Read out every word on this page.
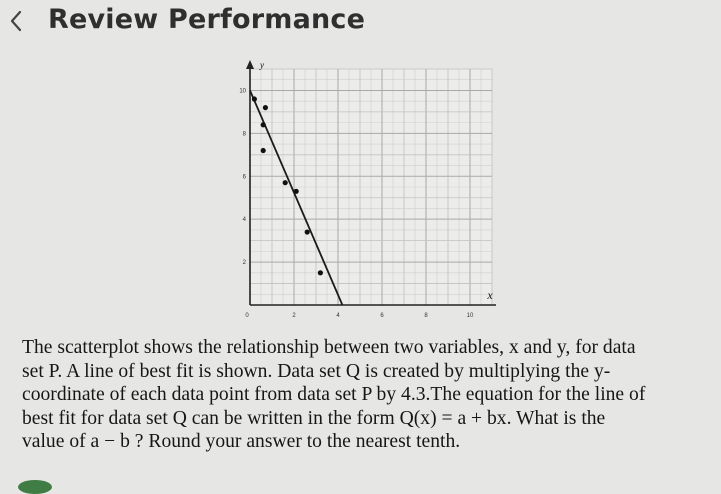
Review Performance
2	4	6	8	10
2
4
6
8
10
0
x
y
The scatterplot shows the relationship between two variables, x and y, for data
set P. A line of best fit is shown. Data set Q is created by multiplying the y-
coordinate of each data point from data set P by 4.3.The equation for the line of
best fit for data set Q can be written in the form Q(x) = a + bx. What is the
value of a − b ? Round your answer to the nearest tenth.
